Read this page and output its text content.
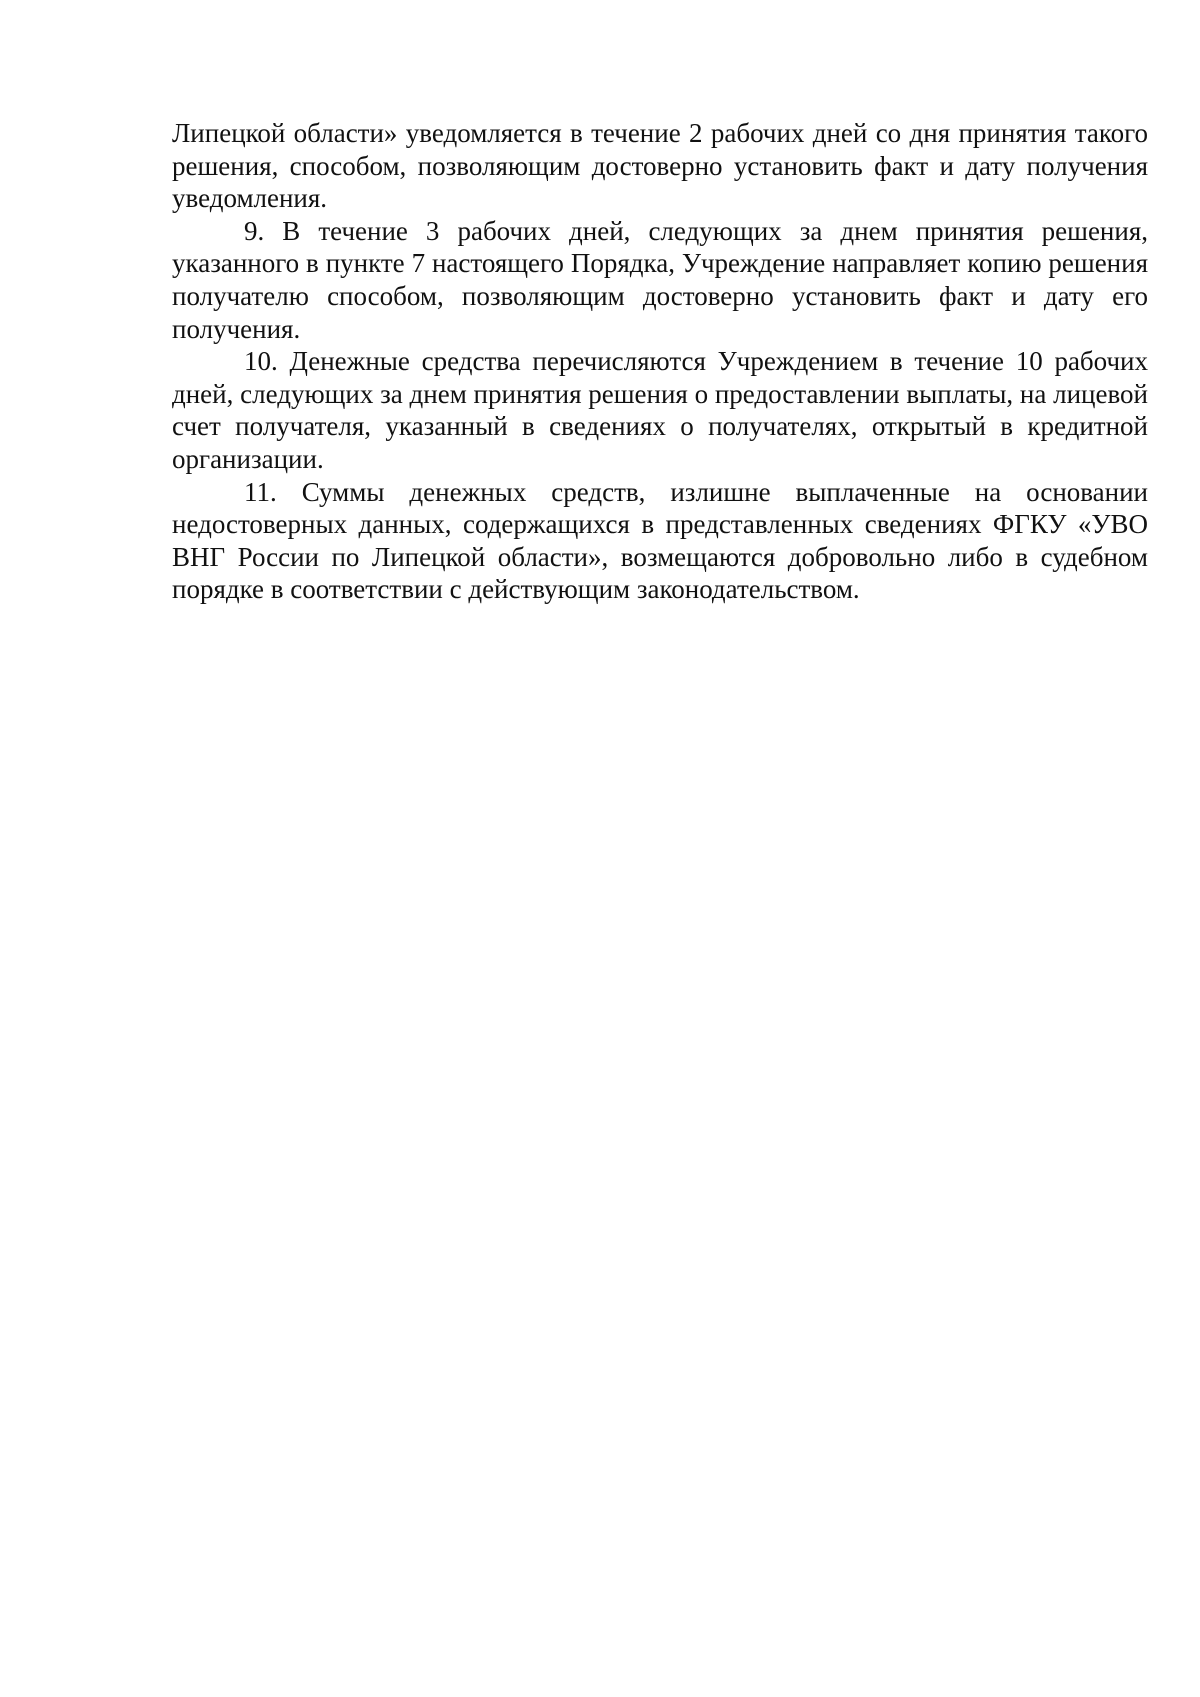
Липецкой области» уведомляется в течение 2 рабочих дней со дня принятия такого решения, способом, позволяющим достоверно установить факт и дату получения уведомления.

9. В течение 3 рабочих дней, следующих за днем принятия решения, указанного в пункте 7 настоящего Порядка, Учреждение направляет копию решения получателю способом, позволяющим достоверно установить факт и дату его получения.

10. Денежные средства перечисляются Учреждением в течение 10 рабочих дней, следующих за днем принятия решения о предоставлении выплаты, на лицевой счет получателя, указанный в сведениях о получателях, открытый в кредитной организации.

11. Суммы денежных средств, излишне выплаченные на основании недостоверных данных, содержащихся в представленных сведениях ФГКУ «УВО ВНГ России по Липецкой области», возмещаются добровольно либо в судебном порядке в соответствии с действующим законодательством.
